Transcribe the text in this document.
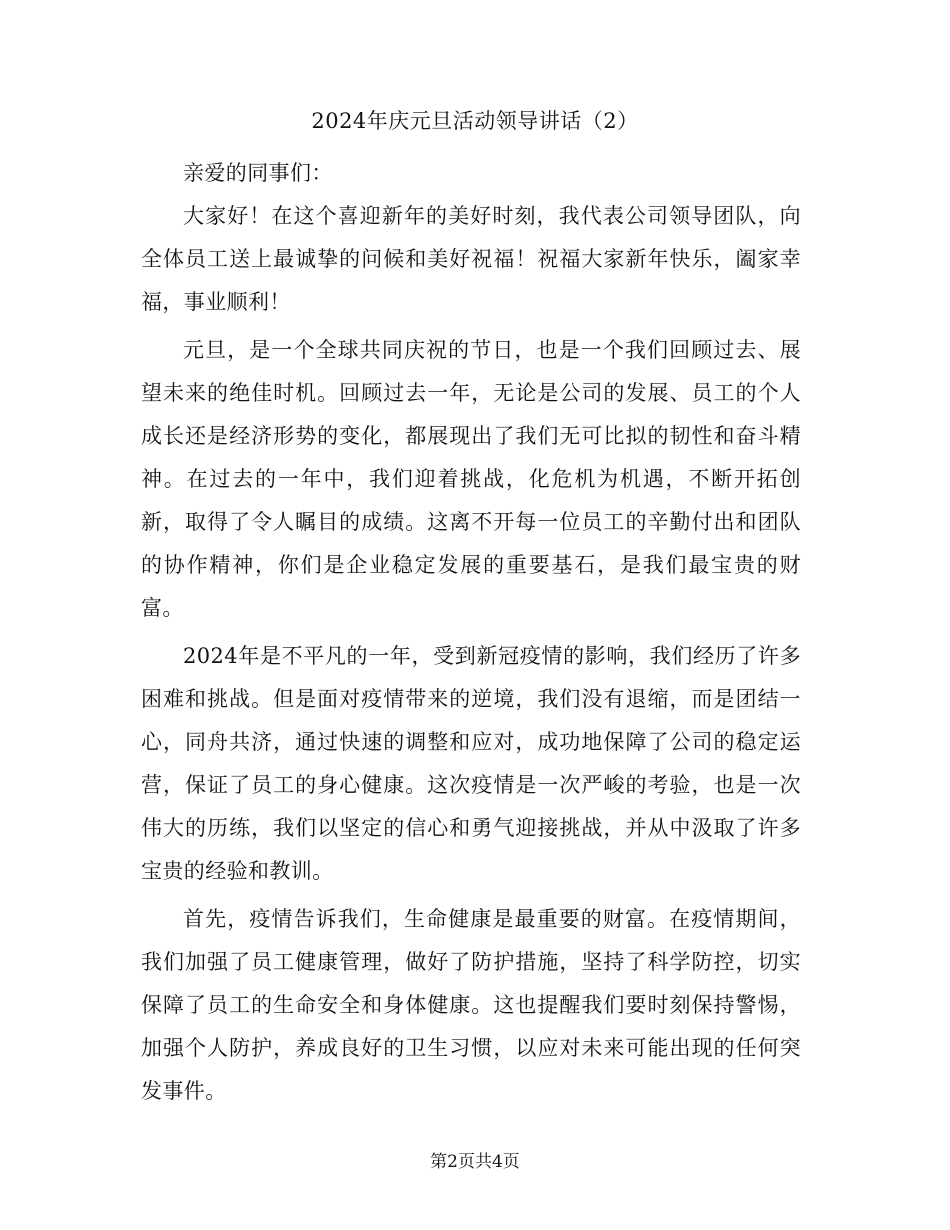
2024年庆元旦活动领导讲话（2）

亲爱的同事们：

大家好！在这个喜迎新年的美好时刻，我代表公司领导团队，向全体员工送上最诚挚的问候和美好祝福！祝福大家新年快乐，阖家幸福，事业顺利！

元旦，是一个全球共同庆祝的节日，也是一个我们回顾过去、展望未来的绝佳时机。回顾过去一年，无论是公司的发展、员工的个人成长还是经济形势的变化，都展现出了我们无可比拟的韧性和奋斗精神。在过去的一年中，我们迎着挑战，化危机为机遇，不断开拓创新，取得了令人瞩目的成绩。这离不开每一位员工的辛勤付出和团队的协作精神，你们是企业稳定发展的重要基石，是我们最宝贵的财富。

2024年是不平凡的一年，受到新冠疫情的影响，我们经历了许多困难和挑战。但是面对疫情带来的逆境，我们没有退缩，而是团结一心，同舟共济，通过快速的调整和应对，成功地保障了公司的稳定运营，保证了员工的身心健康。这次疫情是一次严峻的考验，也是一次伟大的历练，我们以坚定的信心和勇气迎接挑战，并从中汲取了许多宝贵的经验和教训。

首先，疫情告诉我们，生命健康是最重要的财富。在疫情期间，我们加强了员工健康管理，做好了防护措施，坚持了科学防控，切实保障了员工的生命安全和身体健康。这也提醒我们要时刻保持警惕，加强个人防护，养成良好的卫生习惯，以应对未来可能出现的任何突发事件。

第2页共4页
